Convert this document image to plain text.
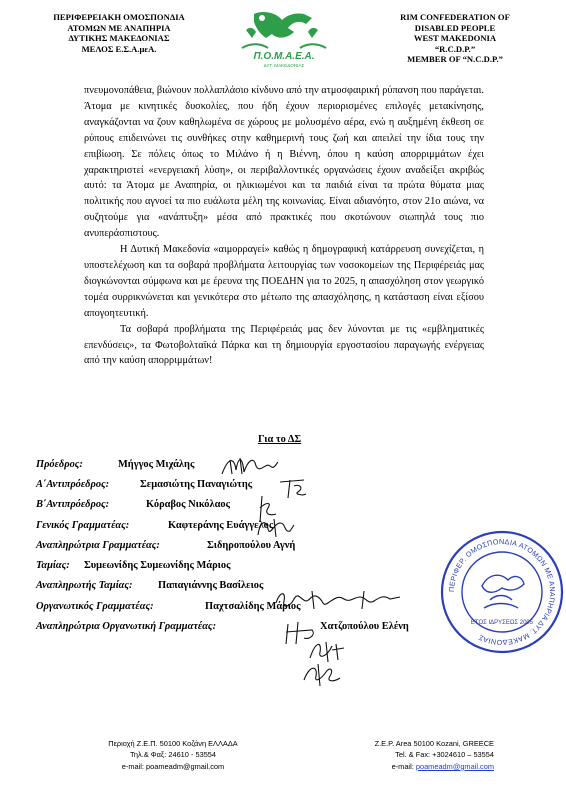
ΠΕΡΙΦΕΡΕΙΑΚΗ ΟΜΟΣΠΟΝΔΙΑ
ΑΤΟΜΩΝ ΜΕ ΑΝΑΠΗΡΙΑ
ΔΥΤΙΚΗΣ ΜΑΚΕΔΟΝΙΑΣ
ΜΕΛΟΣ Ε.Σ.Α.μεΑ.
Π.Ο.Μ.Α.Ε.Α.
ΔΥΤ. ΜΑΚΕΔΟΝΙΑΣ
RIM CONFEDERATION OF
DISABLED PEOPLE
WEST MAKEDONIA
“R.C.D.P.”
MEMBER OF “N.C.D.P.”

πνευμονοπάθεια, βιώνουν πολλαπλάσιο κίνδυνο από την ατμοσφαιρική ρύπανση που παράγεται. Άτομα με κινητικές δυσκολίες, που ήδη έχουν περιορισμένες επιλογές μετακίνησης, αναγκάζονται να ζουν καθηλωμένα σε χώρους με μολυσμένο αέρα, ενώ η αυξημένη έκθεση σε ρύπους επιδεινώνει τις συνθήκες στην καθημερινή τους ζωή και απειλεί την ίδια τους την επιβίωση. Σε πόλεις όπως το Μιλάνο ή η Βιέννη, όπου η καύση απορριμμάτων έχει χαρακτηριστεί «ενεργειακή λύση», οι περιβαλλοντικές οργανώσεις έχουν αναδείξει ακριβώς αυτό: τα Άτομα με Αναπηρία, οι ηλικιωμένοι και τα παιδιά είναι τα πρώτα θύματα μιας πολιτικής που αγνοεί τα πιο ευάλωτα μέλη της κοινωνίας. Είναι αδιανόητο, στον 21ο αιώνα, να συζητούμε για «ανάπτυξη» μέσα από πρακτικές που σκοτώνουν σιωπηλά τους πιο ανυπεράσπιστους.

Η Δυτική Μακεδονία «αιμορραγεί» καθώς η δημογραφική κατάρρευση συνεχίζεται, η υποστελέχωση και τα σοβαρά προβλήματα λειτουργίας των νοσοκομείων της Περιφέρειάς μας διογκώνονται σύμφωνα και με έρευνα της ΠΟΕΔΗΝ για το 2025, η απασχόληση στον γεωργικό τομέα συρρικνώνεται και γενικότερα στο μέτωπο της απασχόλησης, η κατάσταση είναι εξίσου απογοητευτική.

Τα σοβαρά προβλήματα της Περιφέρειάς μας δεν λύνονται με τις «εμβληματικές επενδύσεις», τα Φωτοβολταϊκά Πάρκα και τη δημιουργία εργοστασίου παραγωγής ενέργειας από την καύση απορριμμάτων!

Για το ΔΣ
Πρόεδρος:	Μήγγος Μιχάλης
Α΄Αντιπρόεδρος:	Σεμασιώτης Παναγιώτης
Β΄Αντιπρόεδρος:	Κόραβος Νικόλαος
Γενικός Γραμματέας:	Καφτεράνης Ευάγγελος
Αναπληρώτρια Γραμματέας:	Σιδηροπούλου Αγνή
Ταμίας: Συμεωνίδης Συμεωνίδης Μάριος
Αναπληρωτής Ταμίας: Παπαγιάννης Βασίλειος
Οργανωτικός Γραμματέας:	Παχτσαλίδης Μάριος
Αναπληρώτρια Οργανωτική Γραμματέας:	Χατζοπούλου Ελένη
ΠΕΡΙΦΕΡ. ΟΜΟΣΠΟΝΔΙΑ ΑΤΟΜΩΝ ΜΕ ΑΝΑΠΗΡΙΑ ΔΥΤ. ΜΑΚΕΔΟΝΙΑΣ
ΕΤΟΣ ΙΔΡΥΣΕΩΣ 2005
Περιοχή Ζ.Ε.Π. 50100 Κοζάνη ΕΛΛΑΔΑ
Τηλ.& Φαξ: 24610 - 53554
e-mail: poameadm@gmail.com
Z.E.P. Area 50100 Kozani, GREECE
Tel. & Fax: +3024610 – 53554
e-mail: poameadm@gmail.com
